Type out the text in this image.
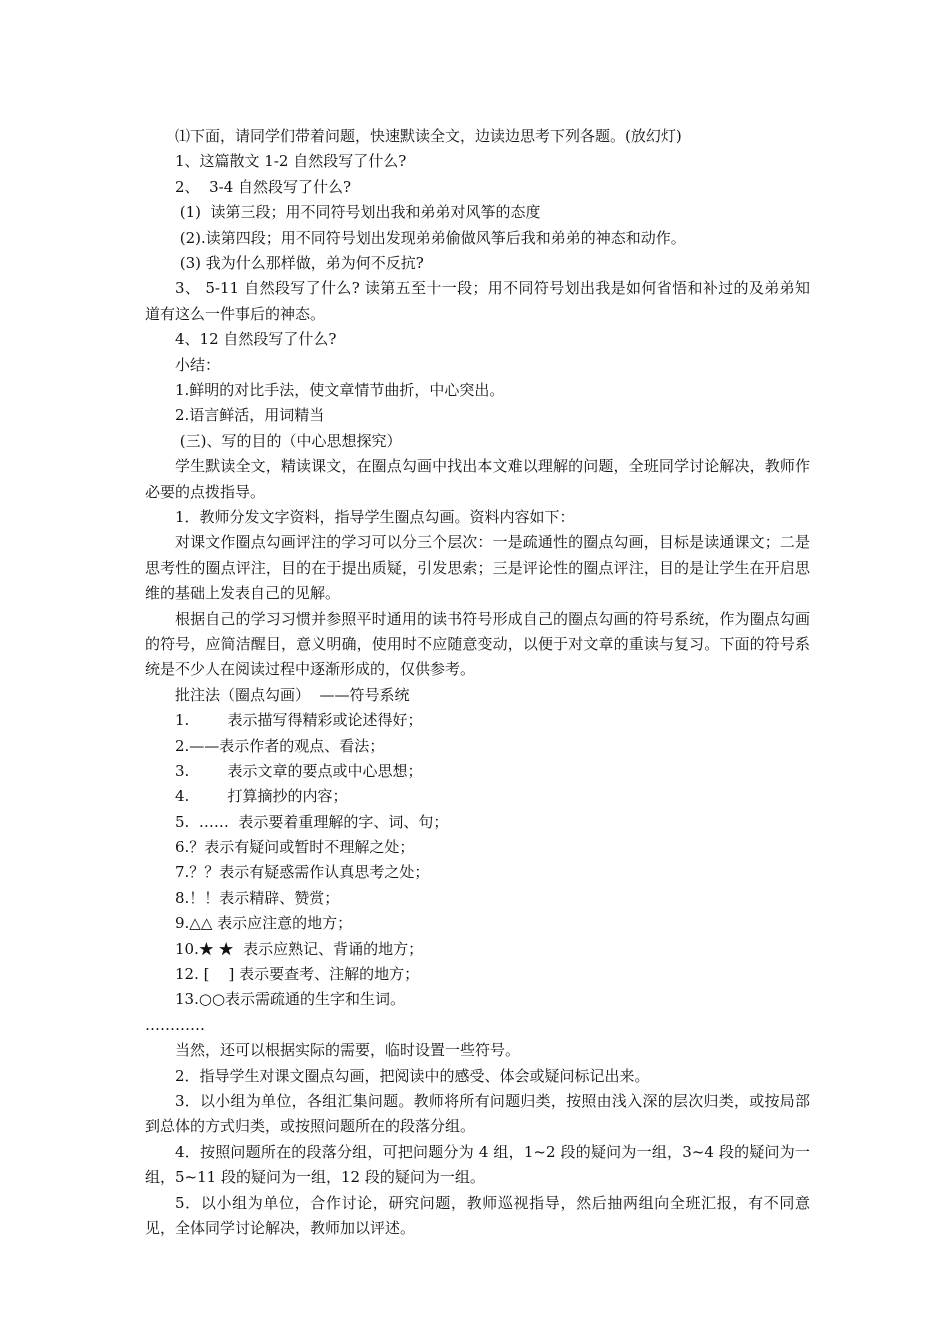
⑴下面，请同学们带着问题，快速默读全文，边读边思考下列各题。(放幻灯)
1、这篇散文 1-2 自然段写了什么?
2、  3-4 自然段写了什么?
(1)  读第三段；用不同符号划出我和弟弟对风筝的态度
(2).读第四段；用不同符号划出发现弟弟偷做风筝后我和弟弟的神态和动作。
(3) 我为什么那样做，弟为何不反抗?
3、 5-11 自然段写了什么? 读第五至十一段；用不同符号划出我是如何省悟和补过的及弟弟知道有这么一件事后的神态。
4、12 自然段写了什么?
小结：
1.鲜明的对比手法，使文章情节曲折，中心突出。
2.语言鲜活，用词精当
(三)、写的目的（中心思想探究）
学生默读全文，精读课文，在圈点勾画中找出本文难以理解的问题，全班同学讨论解决，教师作必要的点拨指导。
1．教师分发文字资料，指导学生圈点勾画。资料内容如下：
对课文作圈点勾画评注的学习可以分三个层次：一是疏通性的圈点勾画，目标是读通课文；二是思考性的圈点评注，目的在于提出质疑，引发思索；三是评论性的圈点评注，目的是让学生在开启思维的基础上发表自己的见解。
根据自己的学习习惯并参照平时通用的读书符号形成自己的圈点勾画的符号系统，作为圈点勾画的符号，应简洁醒目，意义明确，使用时不应随意变动，以便于对文章的重读与复习。下面的符号系统是不少人在阅读过程中逐渐形成的，仅供参考。
批注法（圈点勾画）  ——符号系统
1.        表示描写得精彩或论述得好；
2.——表示作者的观点、看法；
3.        表示文章的要点或中心思想；
4.        打算摘抄的内容；
5.  ……  表示要着重理解的字、词、句；
6.？表示有疑问或暂时不理解之处；
7.？？表示有疑惑需作认真思考之处；
8.！！表示精辟、赞赏；
9.△△ 表示应注意的地方；
10.★ ★  表示应熟记、背诵的地方；
12. [    ] 表示要查考、注解的地方；
13.○○表示需疏通的生字和生词。
…………
当然，还可以根据实际的需要，临时设置一些符号。
2．指导学生对课文圈点勾画，把阅读中的感受、体会或疑问标记出来。
3．以小组为单位，各组汇集问题。教师将所有问题归类，按照由浅入深的层次归类，或按局部到总体的方式归类，或按照问题所在的段落分组。
4．按照问题所在的段落分组，可把问题分为 4 组，1~2 段的疑问为一组，3~4 段的疑问为一组，5~11 段的疑问为一组，12 段的疑问为一组。
5．以小组为单位，合作讨论，研究问题，教师巡视指导，然后抽两组向全班汇报，有不同意见，全体同学讨论解决，教师加以评述。
